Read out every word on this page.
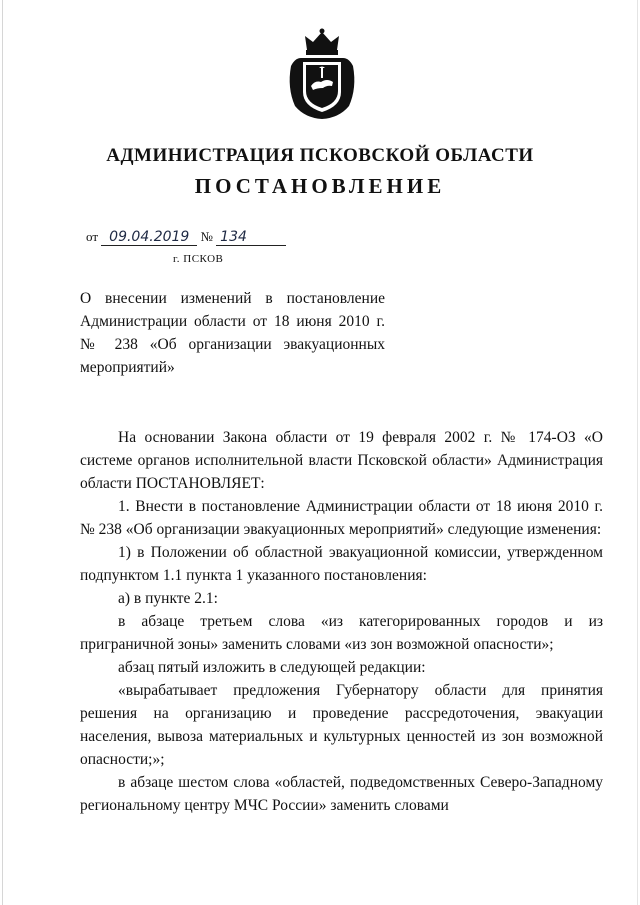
АДМИНИСТРАЦИЯ ПСКОВСКОЙ ОБЛАСТИ
ПОСТАНОВЛЕНИЕ
от 09.04.2019 № 134
г. ПСКОВ
О внесении изменений в постановление Администрации области от 18 июня 2010 г. № 238 «Об организации эвакуационных мероприятий»

На основании Закона области от 19 февраля 2002 г. № 174-ОЗ «О системе органов исполнительной власти Псковской области» Администрация области ПОСТАНОВЛЯЕТ:

1. Внести в постановление Администрации области от 18 июня 2010 г. № 238 «Об организации эвакуационных мероприятий» следующие изменения:

1) в Положении об областной эвакуационной комиссии, утвержденном подпунктом 1.1 пункта 1 указанного постановления:

а) в пункте 2.1:

в абзаце третьем слова «из категорированных городов и из приграничной зоны» заменить словами «из зон возможной опасности»;

абзац пятый изложить в следующей редакции:

«вырабатывает предложения Губернатору области для принятия решения на организацию и проведение рассредоточения, эвакуации населения, вывоза материальных и культурных ценностей из зон возможной опасности;»;

в абзаце шестом слова «областей, подведомственных Северо-Западному региональному центру МЧС России» заменить словами
